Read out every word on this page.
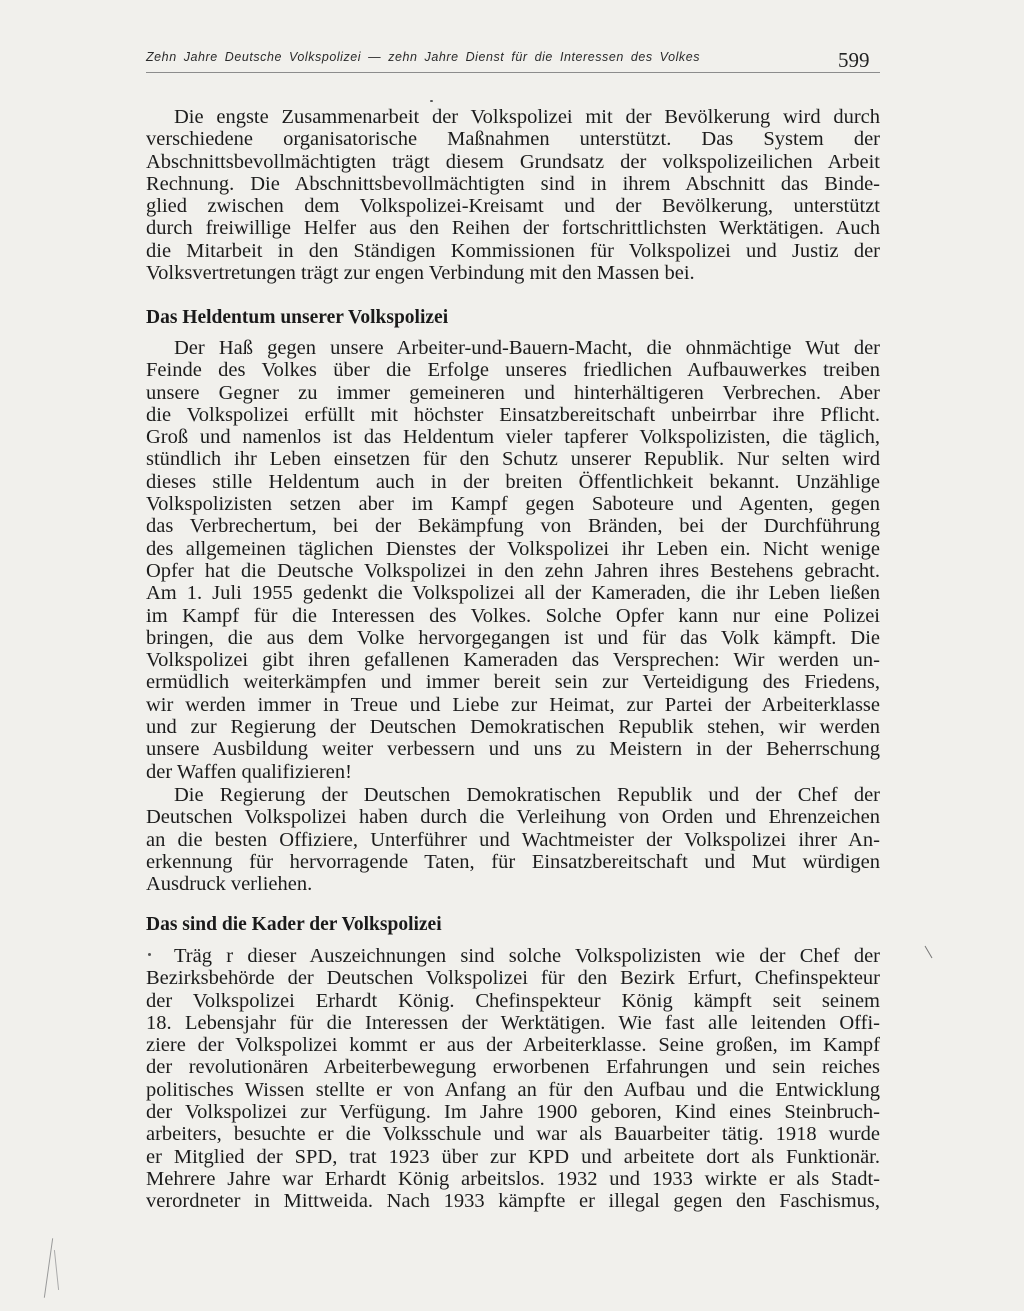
Zehn Jahre Deutsche Volkspolizei — zehn Jahre Dienst für die Interessen des Volkes	599
Die engste Zusammenarbeit der Volkspolizei mit der Bevölkerung wird durch
verschiedene organisatorische Maßnahmen unterstützt. Das System der
Abschnittsbevollmächtigten trägt diesem Grundsatz der volkspolizeilichen Arbeit
Rechnung. Die Abschnittsbevollmächtigten sind in ihrem Abschnitt das Binde-
glied zwischen dem Volkspolizei-Kreisamt und der Bevölkerung, unterstützt
durch freiwillige Helfer aus den Reihen der fortschrittlichsten Werktätigen. Auch
die Mitarbeit in den Ständigen Kommissionen für Volkspolizei und Justiz der
Volksvertretungen trägt zur engen Verbindung mit den Massen bei.
Das Heldentum unserer Volkspolizei
Der Haß gegen unsere Arbeiter-und-Bauern-Macht, die ohnmächtige Wut der
Feinde des Volkes über die Erfolge unseres friedlichen Aufbauwerkes treiben
unsere Gegner zu immer gemeineren und hinterhältigeren Verbrechen. Aber
die Volkspolizei erfüllt mit höchster Einsatzbereitschaft unbeirrbar ihre Pflicht.
Groß und namenlos ist das Heldentum vieler tapferer Volkspolizisten, die täglich,
stündlich ihr Leben einsetzen für den Schutz unserer Republik. Nur selten wird
dieses stille Heldentum auch in der breiten Öffentlichkeit bekannt. Unzählige
Volkspolizisten setzen aber im Kampf gegen Saboteure und Agenten, gegen
das Verbrechertum, bei der Bekämpfung von Bränden, bei der Durchführung
des allgemeinen täglichen Dienstes der Volkspolizei ihr Leben ein. Nicht wenige
Opfer hat die Deutsche Volkspolizei in den zehn Jahren ihres Bestehens gebracht.
Am 1. Juli 1955 gedenkt die Volkspolizei all der Kameraden, die ihr Leben ließen
im Kampf für die Interessen des Volkes. Solche Opfer kann nur eine Polizei
bringen, die aus dem Volke hervorgegangen ist und für das Volk kämpft. Die
Volkspolizei gibt ihren gefallenen Kameraden das Versprechen: Wir werden un-
ermüdlich weiterkämpfen und immer bereit sein zur Verteidigung des Friedens,
wir werden immer in Treue und Liebe zur Heimat, zur Partei der Arbeiterklasse
und zur Regierung der Deutschen Demokratischen Republik stehen, wir werden
unsere Ausbildung weiter verbessern und uns zu Meistern in der Beherrschung
der Waffen qualifizieren!
Die Regierung der Deutschen Demokratischen Republik und der Chef der
Deutschen Volkspolizei haben durch die Verleihung von Orden und Ehrenzeichen
an die besten Offiziere, Unterführer und Wachtmeister der Volkspolizei ihrer An-
erkennung für hervorragende Taten, für Einsatzbereitschaft und Mut würdigen
Ausdruck verliehen.
Das sind die Kader der Volkspolizei
Träg r dieser Auszeichnungen sind solche Volkspolizisten wie der Chef der
Bezirksbehörde der Deutschen Volkspolizei für den Bezirk Erfurt, Chefinspekteur
der Volkspolizei Erhardt König. Chefinspekteur König kämpft seit seinem
18. Lebensjahr für die Interessen der Werktätigen. Wie fast alle leitenden Offi-
ziere der Volkspolizei kommt er aus der Arbeiterklasse. Seine großen, im Kampf
der revolutionären Arbeiterbewegung erworbenen Erfahrungen und sein reiches
politisches Wissen stellte er von Anfang an für den Aufbau und die Entwicklung
der Volkspolizei zur Verfügung. Im Jahre 1900 geboren, Kind eines Steinbruch-
arbeiters, besuchte er die Volksschule und war als Bauarbeiter tätig. 1918 wurde
er Mitglied der SPD, trat 1923 über zur KPD und arbeitete dort als Funktionär.
Mehrere Jahre war Erhardt König arbeitslos. 1932 und 1933 wirkte er als Stadt-
verordneter in Mittweida. Nach 1933 kämpfte er illegal gegen den Faschismus,
